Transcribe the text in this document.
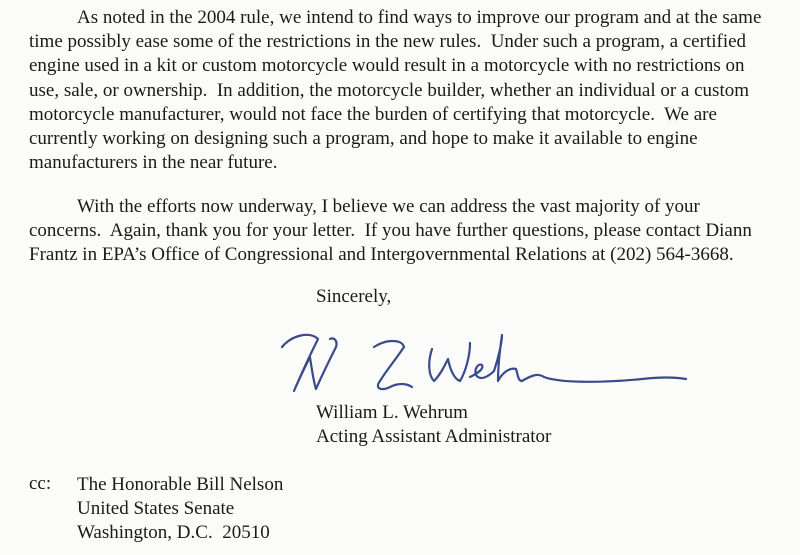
As noted in the 2004 rule, we intend to find ways to improve our program and at the same
time possibly ease some of the restrictions in the new rules.  Under such a program, a certified
engine used in a kit or custom motorcycle would result in a motorcycle with no restrictions on
use, sale, or ownership.  In addition, the motorcycle builder, whether an individual or a custom
motorcycle manufacturer, would not face the burden of certifying that motorcycle.  We are
currently working on designing such a program, and hope to make it available to engine
manufacturers in the near future.

With the efforts now underway, I believe we can address the vast majority of your
concerns.  Again, thank you for your letter.  If you have further questions, please contact Diann
Frantz in EPA’s Office of Congressional and Intergovernmental Relations at (202) 564-3668.

Sincerely,

William L. Wehrum
Acting Assistant Administrator

cc: The Honorable Bill Nelson
United States Senate
Washington, D.C.  20510
